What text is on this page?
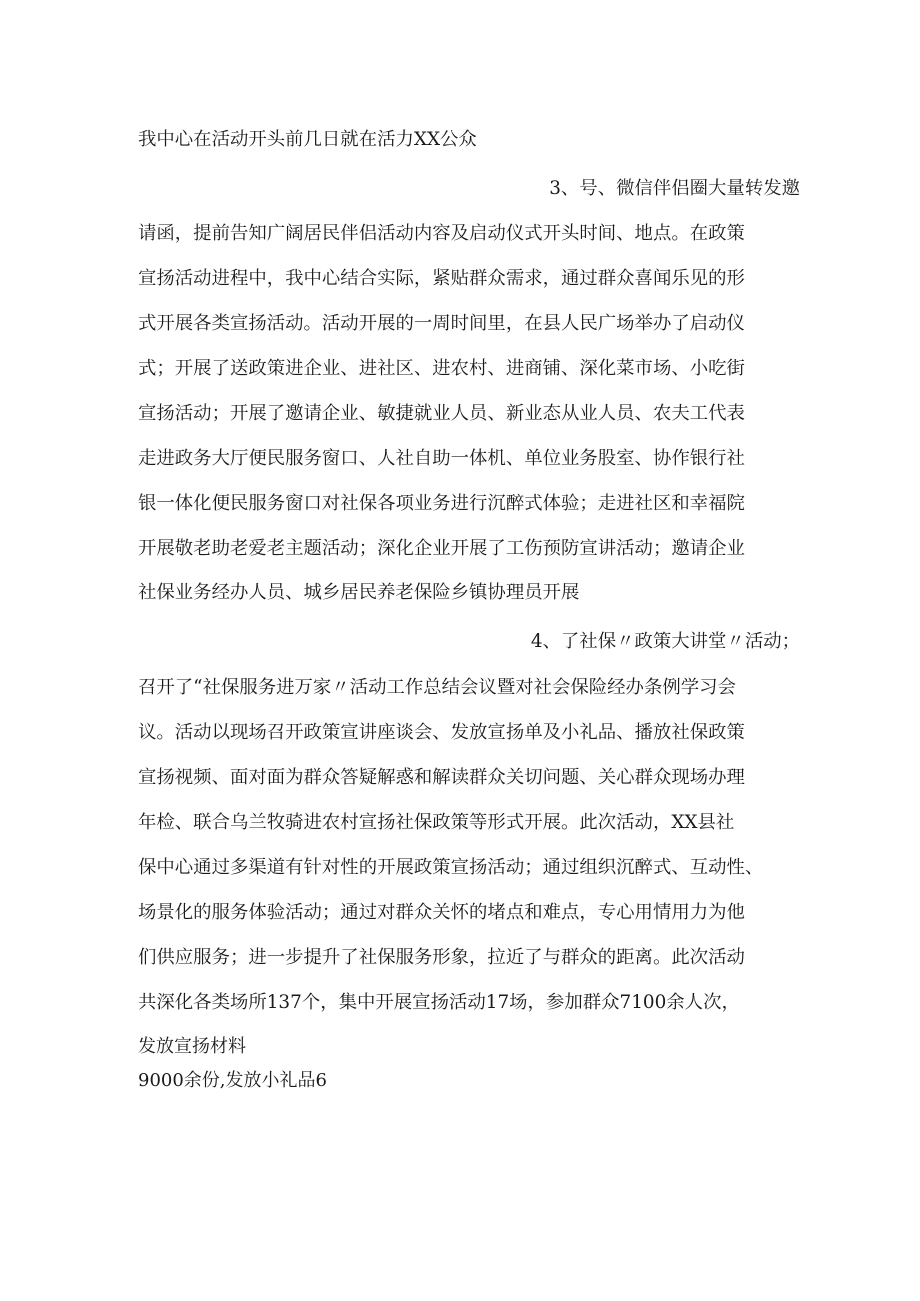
我中心在活动开头前几日就在活力XX公众
3、号、微信伴侣圈大量转发邀
请函，提前告知广阔居民伴侣活动内容及启动仪式开头时间、地点。在政策
宣扬活动进程中，我中心结合实际，紧贴群众需求，通过群众喜闻乐见的形
式开展各类宣扬活动。活动开展的一周时间里，在县人民广场举办了启动仪
式；开展了送政策进企业、进社区、进农村、进商铺、深化菜市场、小吃街
宣扬活动；开展了邀请企业、敏捷就业人员、新业态从业人员、农夫工代表
走进政务大厅便民服务窗口、人社自助一体机、单位业务股室、协作银行社
银一体化便民服务窗口对社保各项业务进行沉醉式体验；走进社区和幸福院
开展敬老助老爱老主题活动；深化企业开展了工伤预防宣讲活动；邀请企业
社保业务经办人员、城乡居民养老保险乡镇协理员开展
4、了社保〃政策大讲堂〃活动；
召开了“社保服务进万家〃活动工作总结会议暨对社会保险经办条例学习会
议。活动以现场召开政策宣讲座谈会、发放宣扬单及小礼品、播放社保政策
宣扬视频、面对面为群众答疑解惑和解读群众关切问题、关心群众现场办理
年检、联合乌兰牧骑进农村宣扬社保政策等形式开展。此次活动，XX县社
保中心通过多渠道有针对性的开展政策宣扬活动；通过组织沉醉式、互动性、
场景化的服务体验活动；通过对群众关怀的堵点和难点，专心用情用力为他
们供应服务；进一步提升了社保服务形象，拉近了与群众的距离。此次活动
共深化各类场所137个，集中开展宣扬活动17场，参加群众7100余人次，
发放宣扬材料
9000余份,发放小礼品6
